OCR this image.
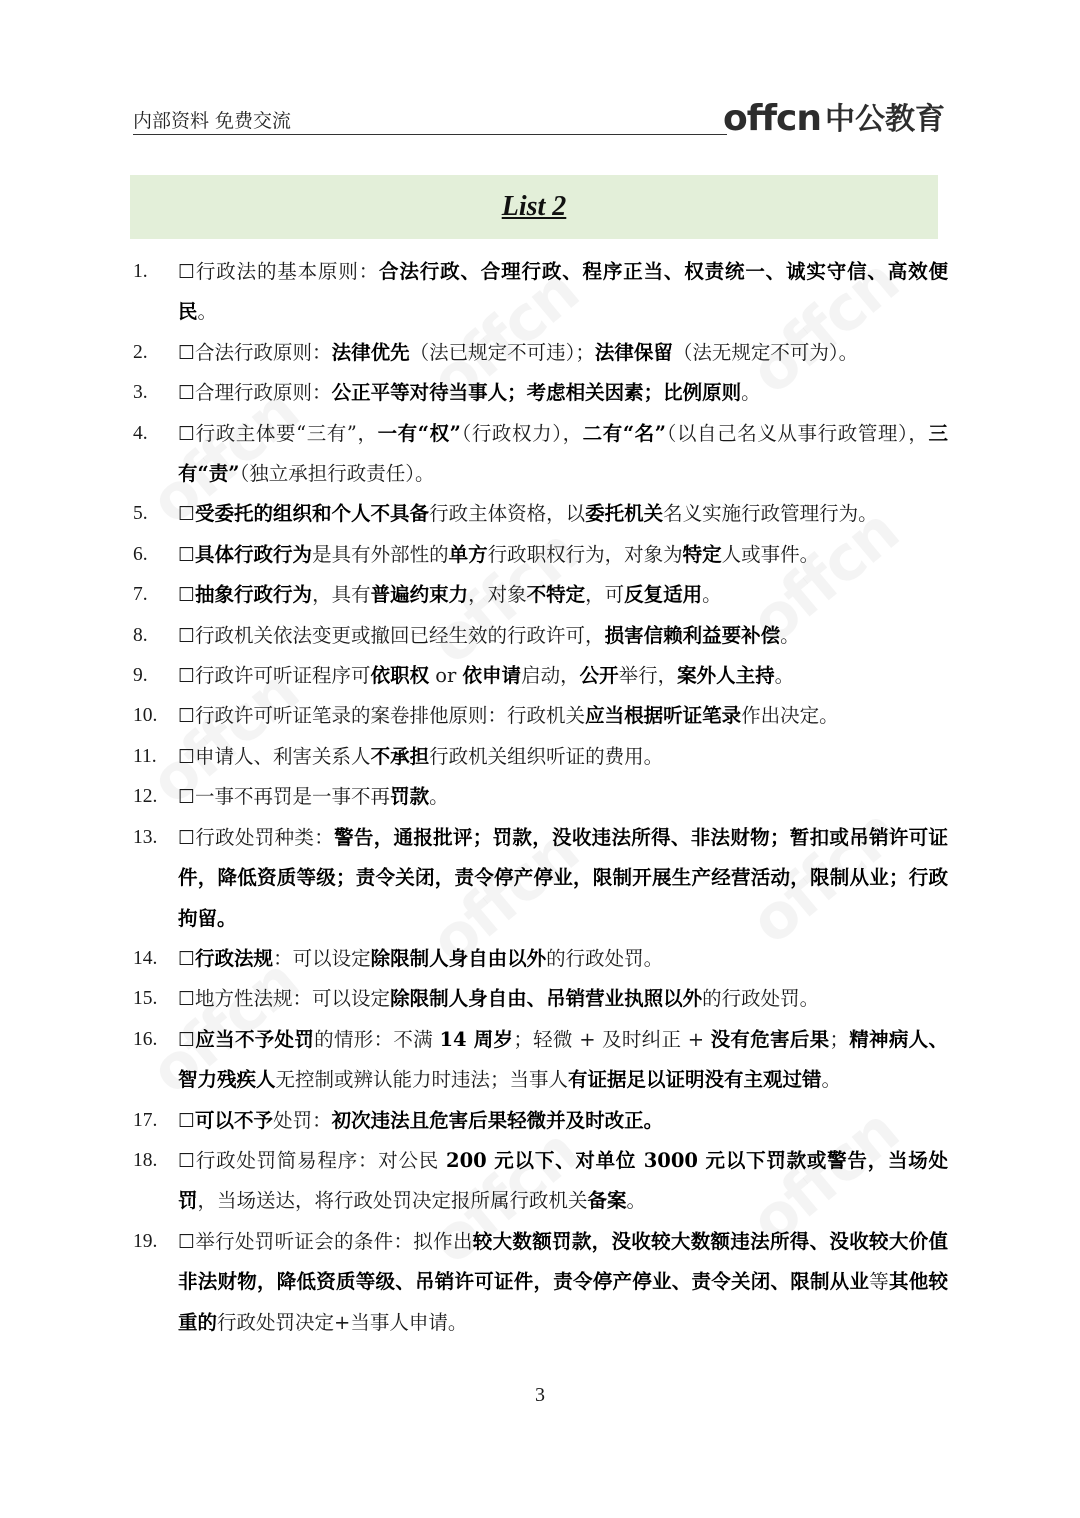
内部资料 免费交流	offcn 中公教育
List 2
1.	☐行政法的基本原则：合法行政、合理行政、程序正当、权责统一、诚实守信、高效便民。
2.	☐合法行政原则：法律优先（法已规定不可违）；法律保留（法无规定不可为）。
3.	☐合理行政原则：公正平等对待当事人；考虑相关因素；比例原则。
4.	☐行政主体要“三有”，一有“权”（行政权力），二有“名”（以自己名义从事行政管理），三有“责”（独立承担行政责任）。
5.	☐受委托的组织和个人不具备行政主体资格，以委托机关名义实施行政管理行为。
6.	☐具体行政行为是具有外部性的单方行政职权行为，对象为特定人或事件。
7.	☐抽象行政行为，具有普遍约束力，对象不特定，可反复适用。
8.	☐行政机关依法变更或撤回已经生效的行政许可，损害信赖利益要补偿。
9.	☐行政许可听证程序可依职权 or 依申请启动，公开举行，案外人主持。
10.	☐行政许可听证笔录的案卷排他原则：行政机关应当根据听证笔录作出决定。
11.	☐申请人、利害关系人不承担行政机关组织听证的费用。
12.	☐一事不再罚是一事不再罚款。
13.	☐行政处罚种类：警告，通报批评；罚款，没收违法所得、非法财物；暂扣或吊销许可证件，降低资质等级；责令关闭，责令停产停业，限制开展生产经营活动，限制从业；行政拘留。
14.	☐行政法规：可以设定除限制人身自由以外的行政处罚。
15.	☐地方性法规：可以设定除限制人身自由、吊销营业执照以外的行政处罚。
16.	☐应当不予处罚的情形：不满 14 周岁；轻微 + 及时纠正 + 没有危害后果；精神病人、智力残疾人无控制或辨认能力时违法；当事人有证据足以证明没有主观过错。
17.	☐可以不予处罚：初次违法且危害后果轻微并及时改正。
18.	☐行政处罚简易程序：对公民 200 元以下、对单位 3000 元以下罚款或警告，当场处罚，当场送达，将行政处罚决定报所属行政机关备案。
19.	☐举行处罚听证会的条件：拟作出较大数额罚款，没收较大数额违法所得、没收较大价值非法财物，降低资质等级、吊销许可证件，责令停产停业、责令关闭、限制从业等其他较重的行政处罚决定+当事人申请。
3
